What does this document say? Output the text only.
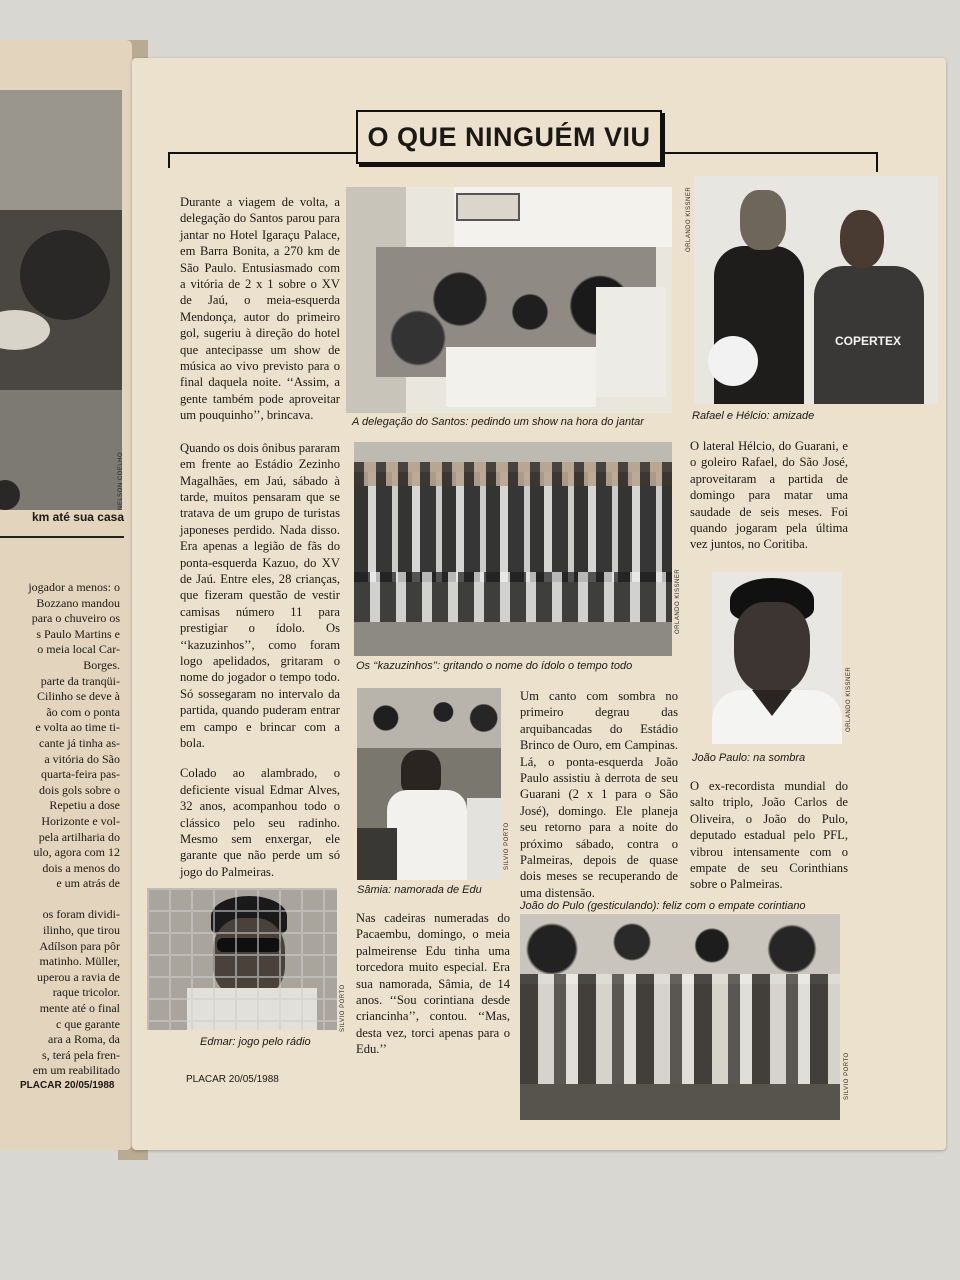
NELSON COELHO
km até sua casa
jogador a menos: o
Bozzano mandou
para o chuveiro os
s Paulo Martins e
o meia local Car-
Borges.
parte da tranqüi-
Cilinho se deve à
ão com o ponta
e volta ao time ti-
cante já tinha as-
a vitória do São
quarta-feira pas-
dois gols sobre o
Repetiu a dose
Horizonte e vol-
pela artilharia do
ulo, agora com 12
dois a menos do
e um atrás de

os foram dividi-
ilinho, que tirou
Adílson para pôr
matinho. Müller,
uperou a ravia de
raque tricolor.
mente até o final
c que garante
ara a Roma, da
s, terá pela fren-
em um reabilitado
PLACAR 20/05/1988
O QUE NINGUÉM VIU

Durante a viagem de volta, a delegação do Santos parou para jantar no Hotel Igaraçu Palace, em Barra Bonita, a 270 km de São Paulo. Entusiasmado com a vitória de 2 x 1 sobre o XV de Jaú, o meia-esquerda Mendonça, autor do primeiro gol, sugeriu à direção do hotel que antecipasse um show de música ao vivo previsto para o final daquela noite. ‘‘Assim, a gente também pode aproveitar um pouquinho’’, brincava.

Quando os dois ônibus pararam em frente ao Estádio Zezinho Magalhães, em Jaú, sábado à tarde, muitos pensaram que se tratava de um grupo de turistas japoneses perdido. Nada disso. Era apenas a legião de fãs do ponta-esquerda Kazuo, do XV de Jaú. Entre eles, 28 crianças, que fizeram questão de vestir camisas número 11 para prestigiar o ídolo. Os ‘‘kazuzinhos’’, como foram logo apelidados, gritaram o nome do jogador o tempo todo. Só sossegaram no intervalo da partida, quando puderam entrar em campo e brincar com a bola.

Colado ao alambrado, o deficiente visual Edmar Alves, 32 anos, acompanhou todo o clássico pelo seu radinho. Mesmo sem enxergar, ele garante que não perde um só jogo do Palmeiras.

A delegação do Santos: pedindo um show na hora do jantar
COPERTEX
ORLANDO KISSNER
Rafael e Hélcio: amizade
ORLANDO KISSNER
Os ‘‘kazuzinhos’’: gritando o nome do ídolo o tempo todo
SILVIO PORTO
Sâmia: namorada de Edu

Um canto com sombra no primeiro degrau das arquibancadas do Estádio Brinco de Ouro, em Campinas. Lá, o ponta-esquerda João Paulo assistiu à derrota de seu Guarani (2 x 1 para o São José), domingo. Ele planeja seu retorno para a noite do próximo sábado, contra o Palmeiras, depois de quase dois meses se recuperando de uma distensão.

Nas cadeiras numeradas do Pacaembu, domingo, o meia palmeirense Edu tinha uma torcedora muito especial. Era sua namorada, Sâmia, de 14 anos. ‘‘Sou corintiana desde criancinha’’, contou. ‘‘Mas, desta vez, torci apenas para o Edu.’’

O lateral Hélcio, do Guarani, e o goleiro Rafael, do São José, aproveitaram a partida de domingo para matar uma saudade de seis meses. Foi quando jogaram pela última vez juntos, no Coritiba.

O ex-recordista mundial do salto triplo, João Carlos de Oliveira, o João do Pulo, deputado estadual pelo PFL, vibrou intensamente com o empate de seu Corinthians sobre o Palmeiras.

ORLANDO KISSNER
João Paulo: na sombra
João do Pulo (gesticulando): feliz com o empate corintiano
SILVIO PORTO
SILVIO PORTO
Edmar: jogo pelo rádio
PLACAR 20/05/1988
